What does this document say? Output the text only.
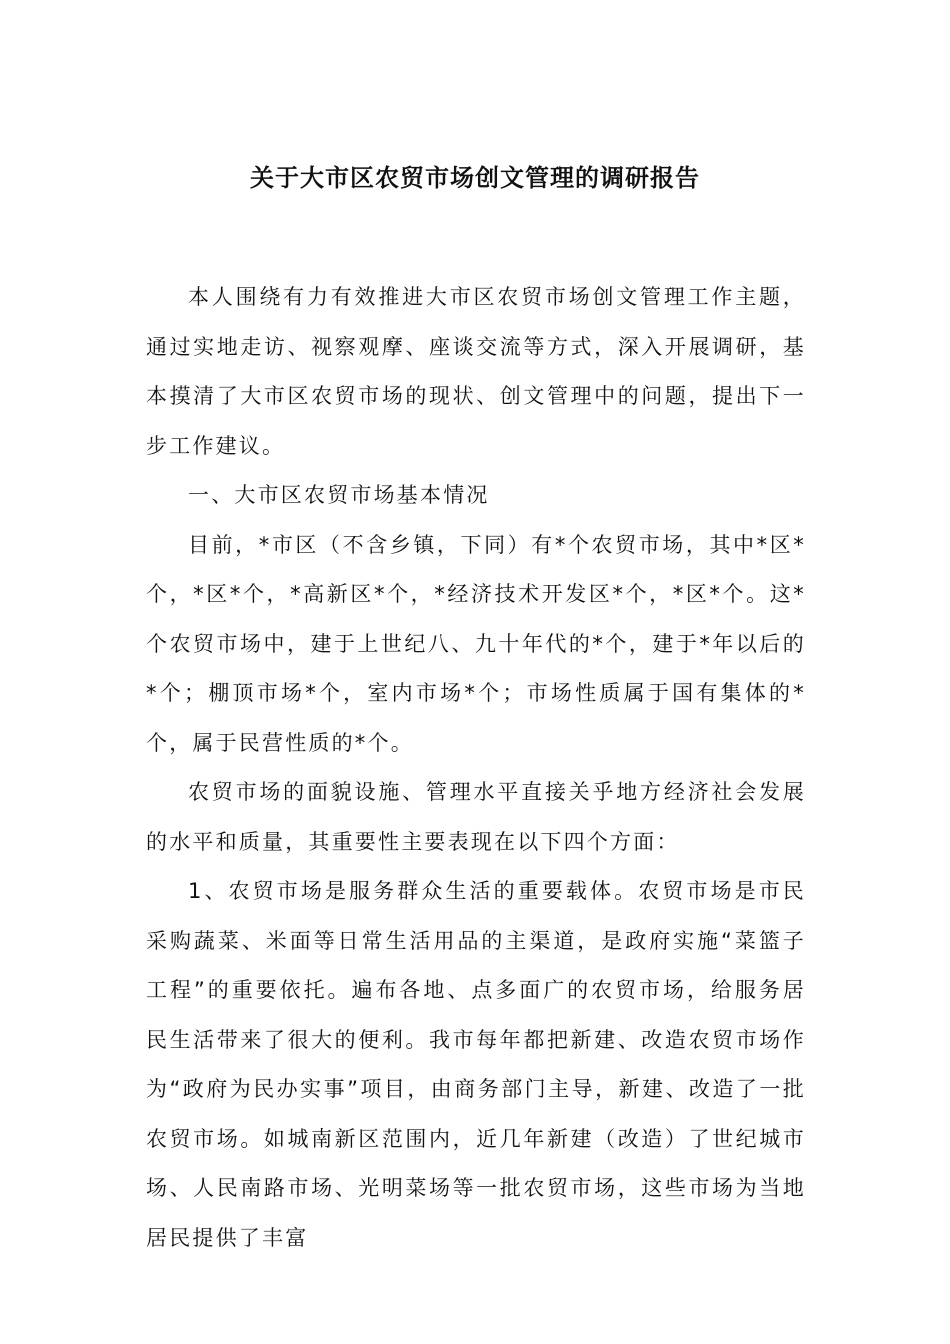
关于大市区农贸市场创文管理的调研报告

本人围绕有力有效推进大市区农贸市场创文管理工作主题，通过实地走访、视察观摩、座谈交流等方式，深入开展调研，基本摸清了大市区农贸市场的现状、创文管理中的问题，提出下一步工作建议。

一、大市区农贸市场基本情况

目前，*市区（不含乡镇，下同）有*个农贸市场，其中*区*个，*区*个，*高新区*个，*经济技术开发区*个，*区*个。这*个农贸市场中，建于上世纪八、九十年代的*个，建于*年以后的*个；棚顶市场*个，室内市场*个；市场性质属于国有集体的*个，属于民营性质的*个。

农贸市场的面貌设施、管理水平直接关乎地方经济社会发展的水平和质量，其重要性主要表现在以下四个方面：

1、农贸市场是服务群众生活的重要载体。农贸市场是市民采购蔬菜、米面等日常生活用品的主渠道，是政府实施“菜篮子工程”的重要依托。遍布各地、点多面广的农贸市场，给服务居民生活带来了很大的便利。我市每年都把新建、改造农贸市场作为“政府为民办实事”项目，由商务部门主导，新建、改造了一批农贸市场。如城南新区范围内，近几年新建（改造）了世纪城市场、人民南路市场、光明菜场等一批农贸市场，这些市场为当地居民提供了丰富
